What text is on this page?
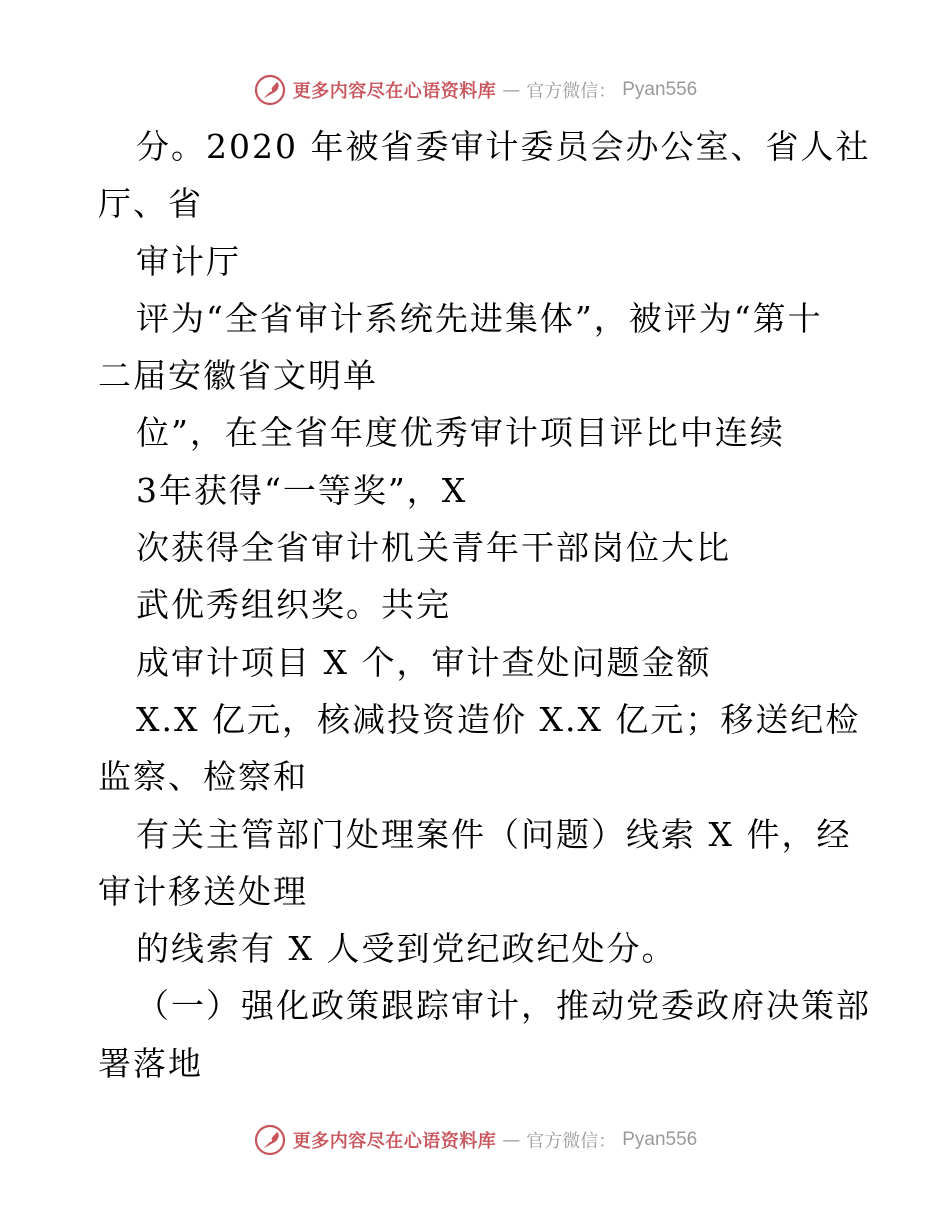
更多内容尽在心语资料库 — 官方微信： Pyan556
分。2020 年被省委审计委员会办公室、省人社
厅、省
审计厅
评为“全省审计系统先进集体”，被评为“第十
二届安徽省文明单
位”，在全省年度优秀审计项目评比中连续
3年获得“一等奖”，X
次获得全省审计机关青年干部岗位大比
武优秀组织奖。共完
成审计项目 X 个，审计查处问题金额
X.X 亿元，核减投资造价 X.X 亿元；移送纪检
监察、检察和
有关主管部门处理案件（问题）线索 X 件，经
审计移送处理
的线索有 X 人受到党纪政纪处分。
（一）强化政策跟踪审计，推动党委政府决策部
署落地
更多内容尽在心语资料库 — 官方微信： Pyan556
